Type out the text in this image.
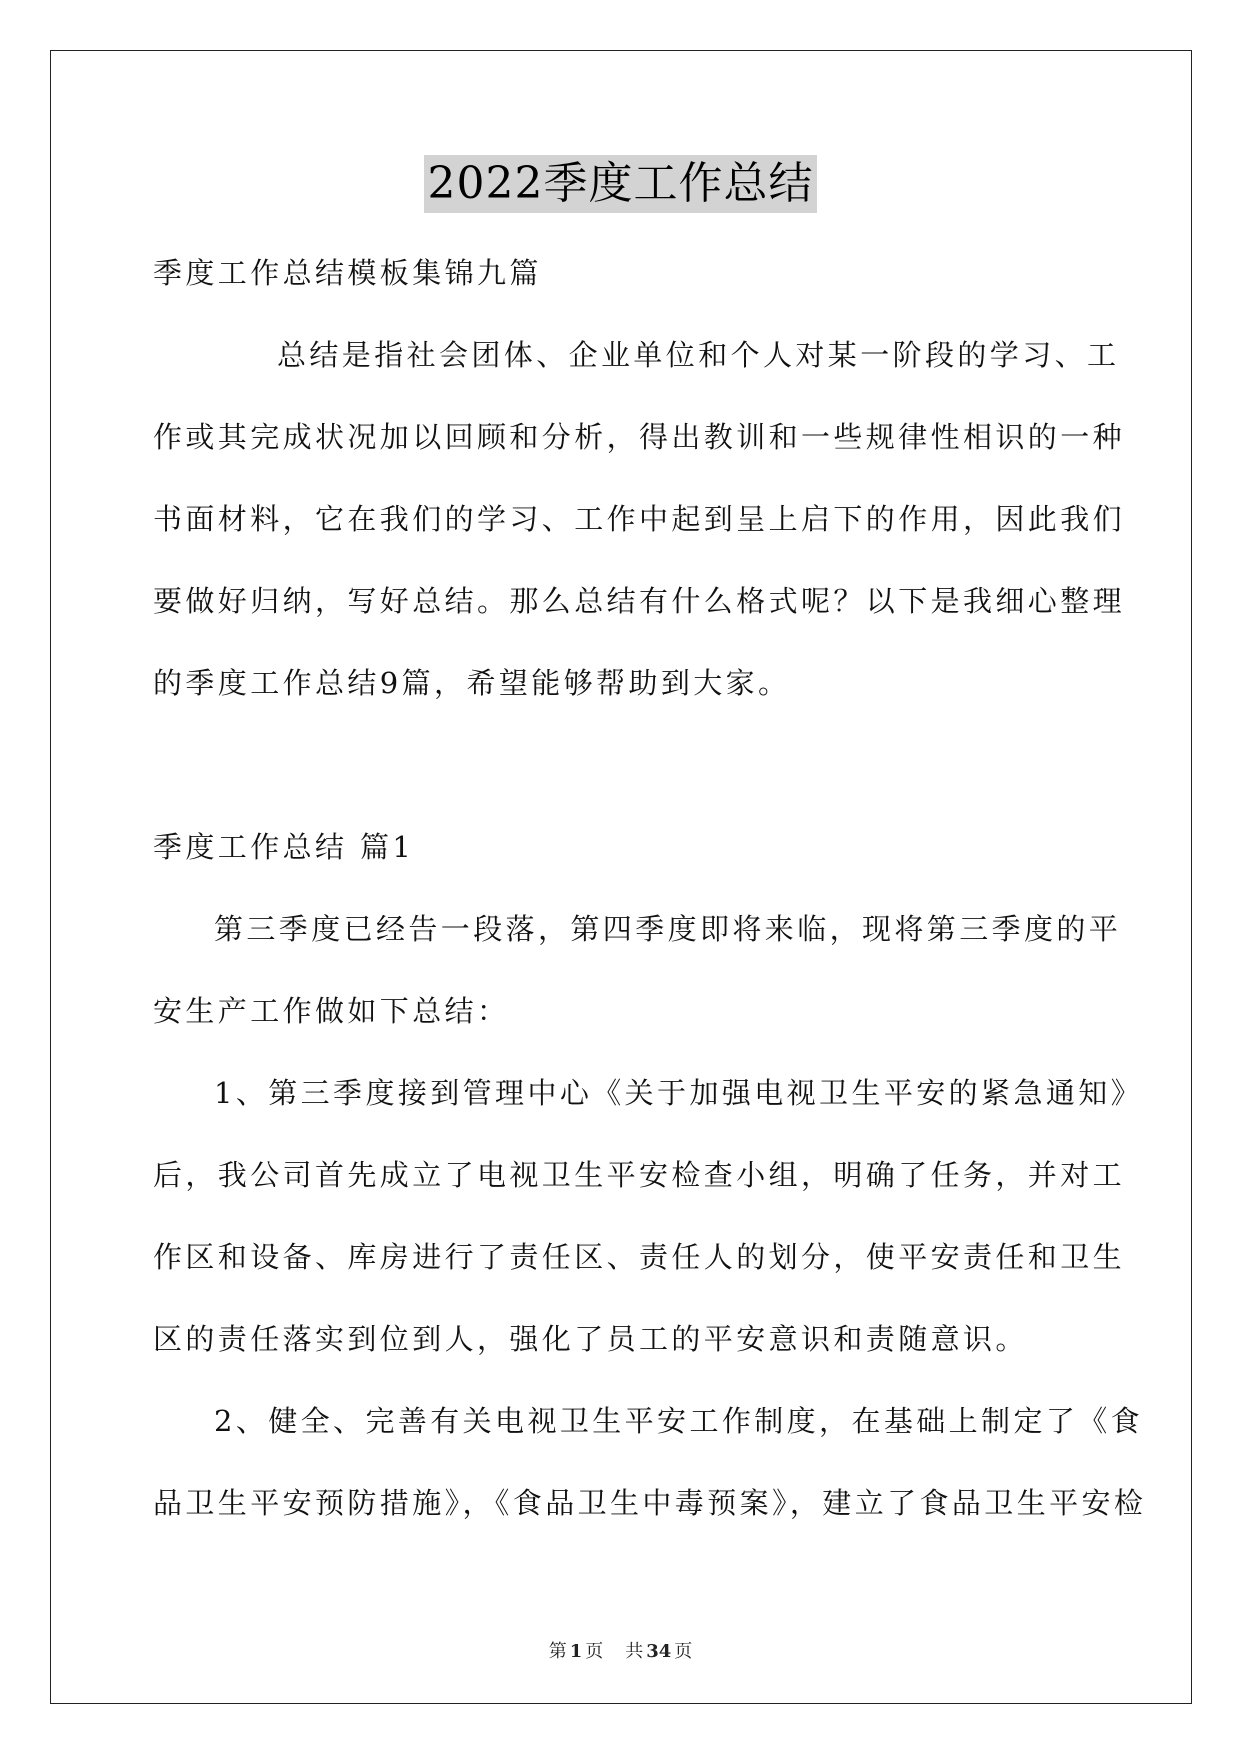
2022季度工作总结
季度工作总结模板集锦九篇
总结是指社会团体、企业单位和个人对某一阶段的学习、工
作或其完成状况加以回顾和分析，得出教训和一些规律性相识的一种
书面材料，它在我们的学习、工作中起到呈上启下的作用，因此我们
要做好归纳，写好总结。那么总结有什么格式呢？以下是我细心整理
的季度工作总结9篇，希望能够帮助到大家。
季度工作总结 篇1
第三季度已经告一段落，第四季度即将来临，现将第三季度的平
安生产工作做如下总结：
1、第三季度接到管理中心《关于加强电视卫生平安的紧急通知》
后，我公司首先成立了电视卫生平安检查小组，明确了任务，并对工
作区和设备、库房进行了责任区、责任人的划分，使平安责任和卫生
区的责任落实到位到人，强化了员工的平安意识和责随意识。
2、健全、完善有关电视卫生平安工作制度，在基础上制定了《食
品卫生平安预防措施》，《食品卫生中毒预案》，建立了食品卫生平安检
第 1 页 共 34 页
